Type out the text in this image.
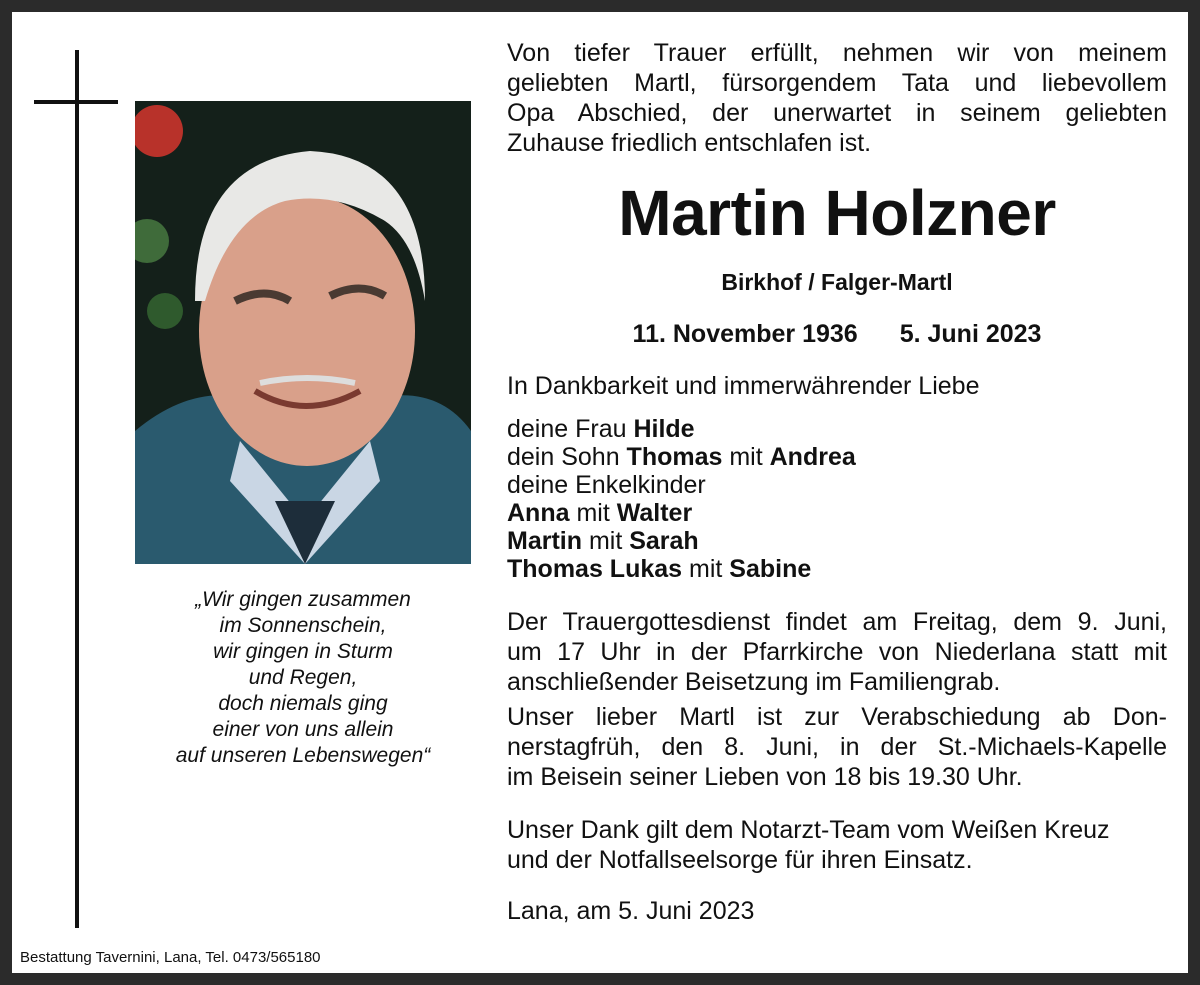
„Wir gingen zusammen
im Sonnenschein,
wir gingen in Sturm
und Regen,
doch niemals ging
einer von uns allein
auf unseren Lebenswegen“
Von tiefer Trauer erfüllt, nehmen wir von meinem
geliebten Martl, fürsorgendem Tata und liebevollem
Opa Abschied, der unerwartet in seinem geliebten
Zuhause friedlich entschlafen ist.
Martin Holzner
Birkhof / Falger-Martl
11. November 1936 5. Juni 2023
In Dankbarkeit und immerwährender Liebe
deine Frau Hilde
dein Sohn Thomas mit Andrea
deine Enkelkinder
Anna mit Walter
Martin mit Sarah
Thomas Lukas mit Sabine
Der Trauergottesdienst findet am Freitag, dem 9. Juni,
um 17 Uhr in der Pfarrkirche von Niederlana statt mit
anschließender Beisetzung im Familiengrab.
Unser lieber Martl ist zur Verabschiedung ab Don-
nerstagfrüh, den 8. Juni, in der St.-Michaels-Kapelle
im Beisein seiner Lieben von 18 bis 19.30 Uhr.
Unser Dank gilt dem Notarzt-Team vom Weißen Kreuz
und der Notfallseelsorge für ihren Einsatz.
Lana, am 5. Juni 2023
Bestattung Tavernini, Lana, Tel. 0473/565180
